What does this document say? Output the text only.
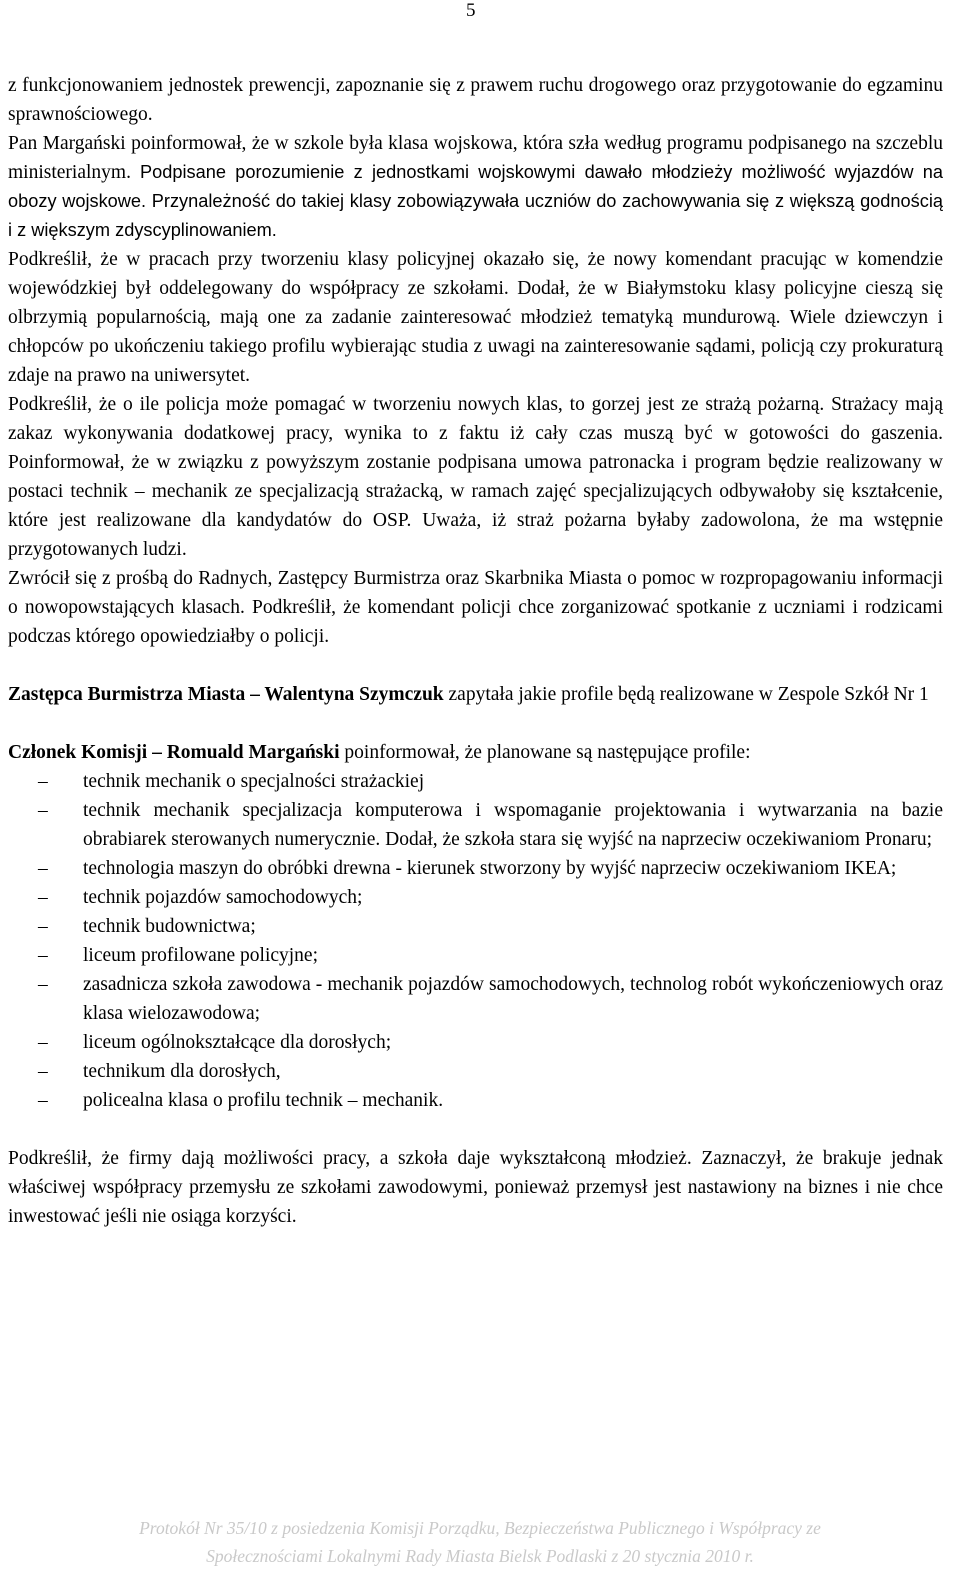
5

z funkcjonowaniem jednostek prewencji, zapoznanie się z prawem ruchu drogowego oraz przygotowanie do egzaminu sprawnościowego.

Pan Margański poinformował, że w szkole była klasa wojskowa, która szła według programu podpisanego na szczeblu ministerialnym. Podpisane porozumienie z jednostkami wojskowymi dawało młodzieży możliwość wyjazdów na obozy wojskowe. Przynależność do takiej klasy zobowiązywała uczniów do zachowywania się z większą godnością i z większym zdyscyplinowaniem.

Podkreślił, że w pracach przy tworzeniu klasy policyjnej okazało się, że nowy komendant pracując w komendzie wojewódzkiej był oddelegowany do współpracy ze szkołami. Dodał, że w Białymstoku klasy policyjne cieszą się olbrzymią popularnością, mają one za zadanie zainteresować młodzież tematyką mundurową. Wiele dziewczyn i chłopców po ukończeniu takiego profilu wybierając studia z uwagi na zainteresowanie sądami, policją czy prokuraturą zdaje na prawo na uniwersytet.

Podkreślił, że o ile policja może pomagać w tworzeniu nowych klas, to gorzej jest ze strażą pożarną. Strażacy mają zakaz wykonywania dodatkowej pracy, wynika to z faktu iż cały czas muszą być w gotowości do gaszenia. Poinformował, że w związku z powyższym zostanie podpisana umowa patronacka i program będzie realizowany w postaci technik – mechanik ze specjalizacją strażacką, w ramach zajęć specjalizujących odbywałoby się kształcenie, które jest realizowane dla kandydatów do OSP. Uważa, iż straż pożarna byłaby zadowolona, że ma wstępnie przygotowanych ludzi.

Zwrócił się z prośbą do Radnych, Zastępcy Burmistrza oraz Skarbnika Miasta o pomoc w rozpropagowaniu informacji o nowopowstających klasach. Podkreślił, że komendant policji chce zorganizować spotkanie z uczniami i rodzicami podczas którego opowiedziałby o policji.

Zastępca Burmistrza Miasta – Walentyna Szymczuk zapytała jakie profile będą realizowane w Zespole Szkół Nr 1

Członek Komisji – Romuald Margański poinformował, że planowane są następujące profile:

– technik mechanik o specjalności strażackiej
– technik mechanik specjalizacja komputerowa i wspomaganie projektowania i wytwarzania na bazie obrabiarek sterowanych numerycznie. Dodał, że szkoła stara się wyjść na naprzeciw oczekiwaniom Pronaru;
– technologia maszyn do obróbki drewna - kierunek stworzony by wyjść naprzeciw oczekiwaniom IKEA;
– technik pojazdów samochodowych;
– technik budownictwa;
– liceum profilowane policyjne;
– zasadnicza szkoła zawodowa - mechanik pojazdów samochodowych, technolog robót wykończeniowych oraz klasa wielozawodowa;
– liceum ogólnokształcące dla dorosłych;
– technikum dla dorosłych,
– policealna klasa o profilu technik – mechanik.

Podkreślił, że firmy dają możliwości pracy, a szkoła daje wykształconą młodzież. Zaznaczył, że brakuje jednak właściwej współpracy przemysłu ze szkołami zawodowymi, ponieważ przemysł jest nastawiony na biznes i nie chce inwestować jeśli nie osiąga korzyści.

Protokół Nr 35/10 z posiedzenia Komisji Porządku, Bezpieczeństwa Publicznego i Współpracy ze
Społecznościami Lokalnymi Rady Miasta Bielsk Podlaski z 20 stycznia 2010 r.
